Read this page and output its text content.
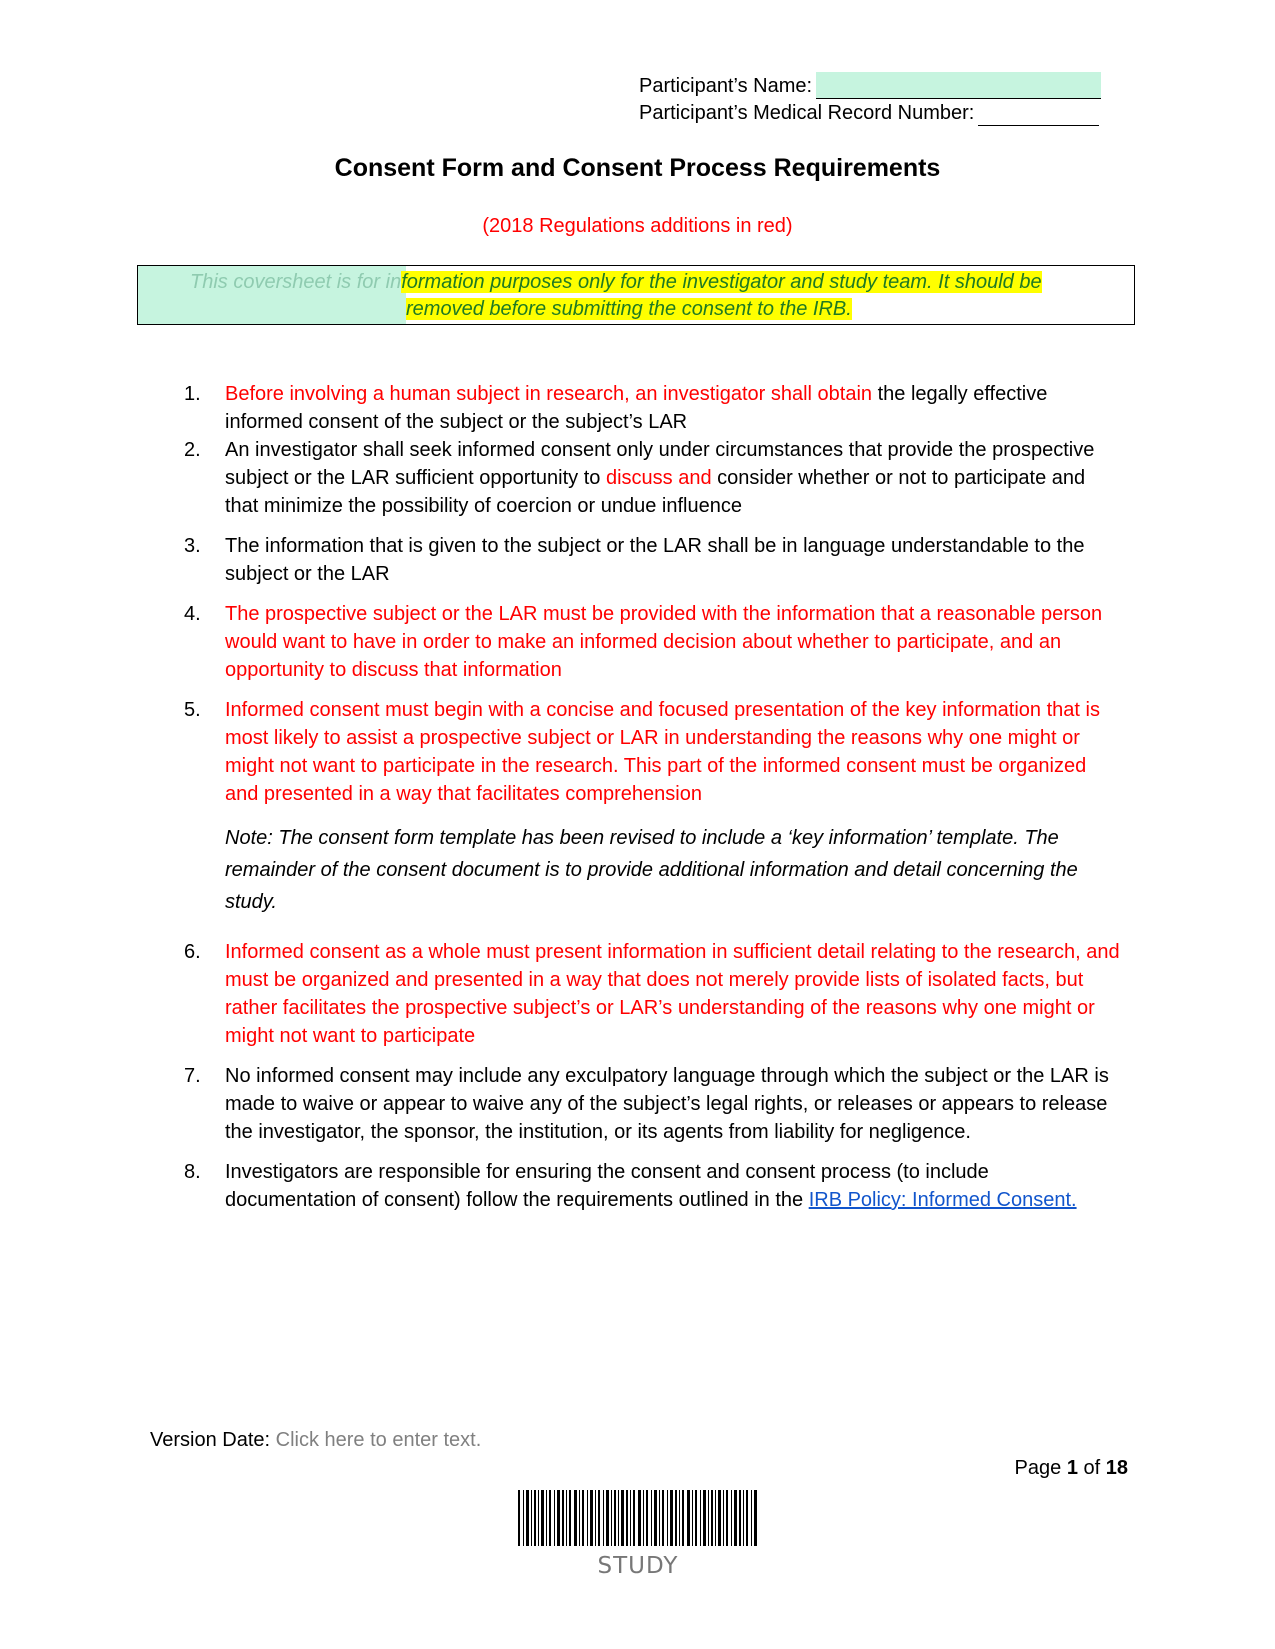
Participant’s Name:
Participant’s Medical Record Number:
Consent Form and Consent Process Requirements
(2018 Regulations additions in red)
This coversheet is for information purposes only for the investigator and study team. It should be
removed before submitting the consent to the IRB.
1.	Before involving a human subject in research, an investigator shall obtain the legally effective informed consent of the subject or the subject’s LAR
2.	An investigator shall seek informed consent only under circumstances that provide the prospective subject or the LAR sufficient opportunity to discuss and consider whether or not to participate and that minimize the possibility of coercion or undue influence
3.	The information that is given to the subject or the LAR shall be in language understandable to the subject or the LAR
4.	The prospective subject or the LAR must be provided with the information that a reasonable person would want to have in order to make an informed decision about whether to participate, and an opportunity to discuss that information
5.	Informed consent must begin with a concise and focused presentation of the key information that is most likely to assist a prospective subject or LAR in understanding the reasons why one might or might not want to participate in the research. This part of the informed consent must be organized and presented in a way that facilitates comprehension
Note: The consent form template has been revised to include a ‘key information’ template. The remainder of the consent document is to provide additional information and detail concerning the study.
6.	Informed consent as a whole must present information in sufficient detail relating to the research, and must be organized and presented in a way that does not merely provide lists of isolated facts, but rather facilitates the prospective subject’s or LAR’s understanding of the reasons why one might or might not want to participate
7.	No informed consent may include any exculpatory language through which the subject or the LAR is made to waive or appear to waive any of the subject’s legal rights, or releases or appears to release the investigator, the sponsor, the institution, or its agents from liability for negligence.
8.	Investigators are responsible for ensuring the consent and consent process (to include documentation of consent) follow the requirements outlined in the IRB Policy: Informed Consent.
Version Date: Click here to enter text.
Page 1 of 18
STUDY
